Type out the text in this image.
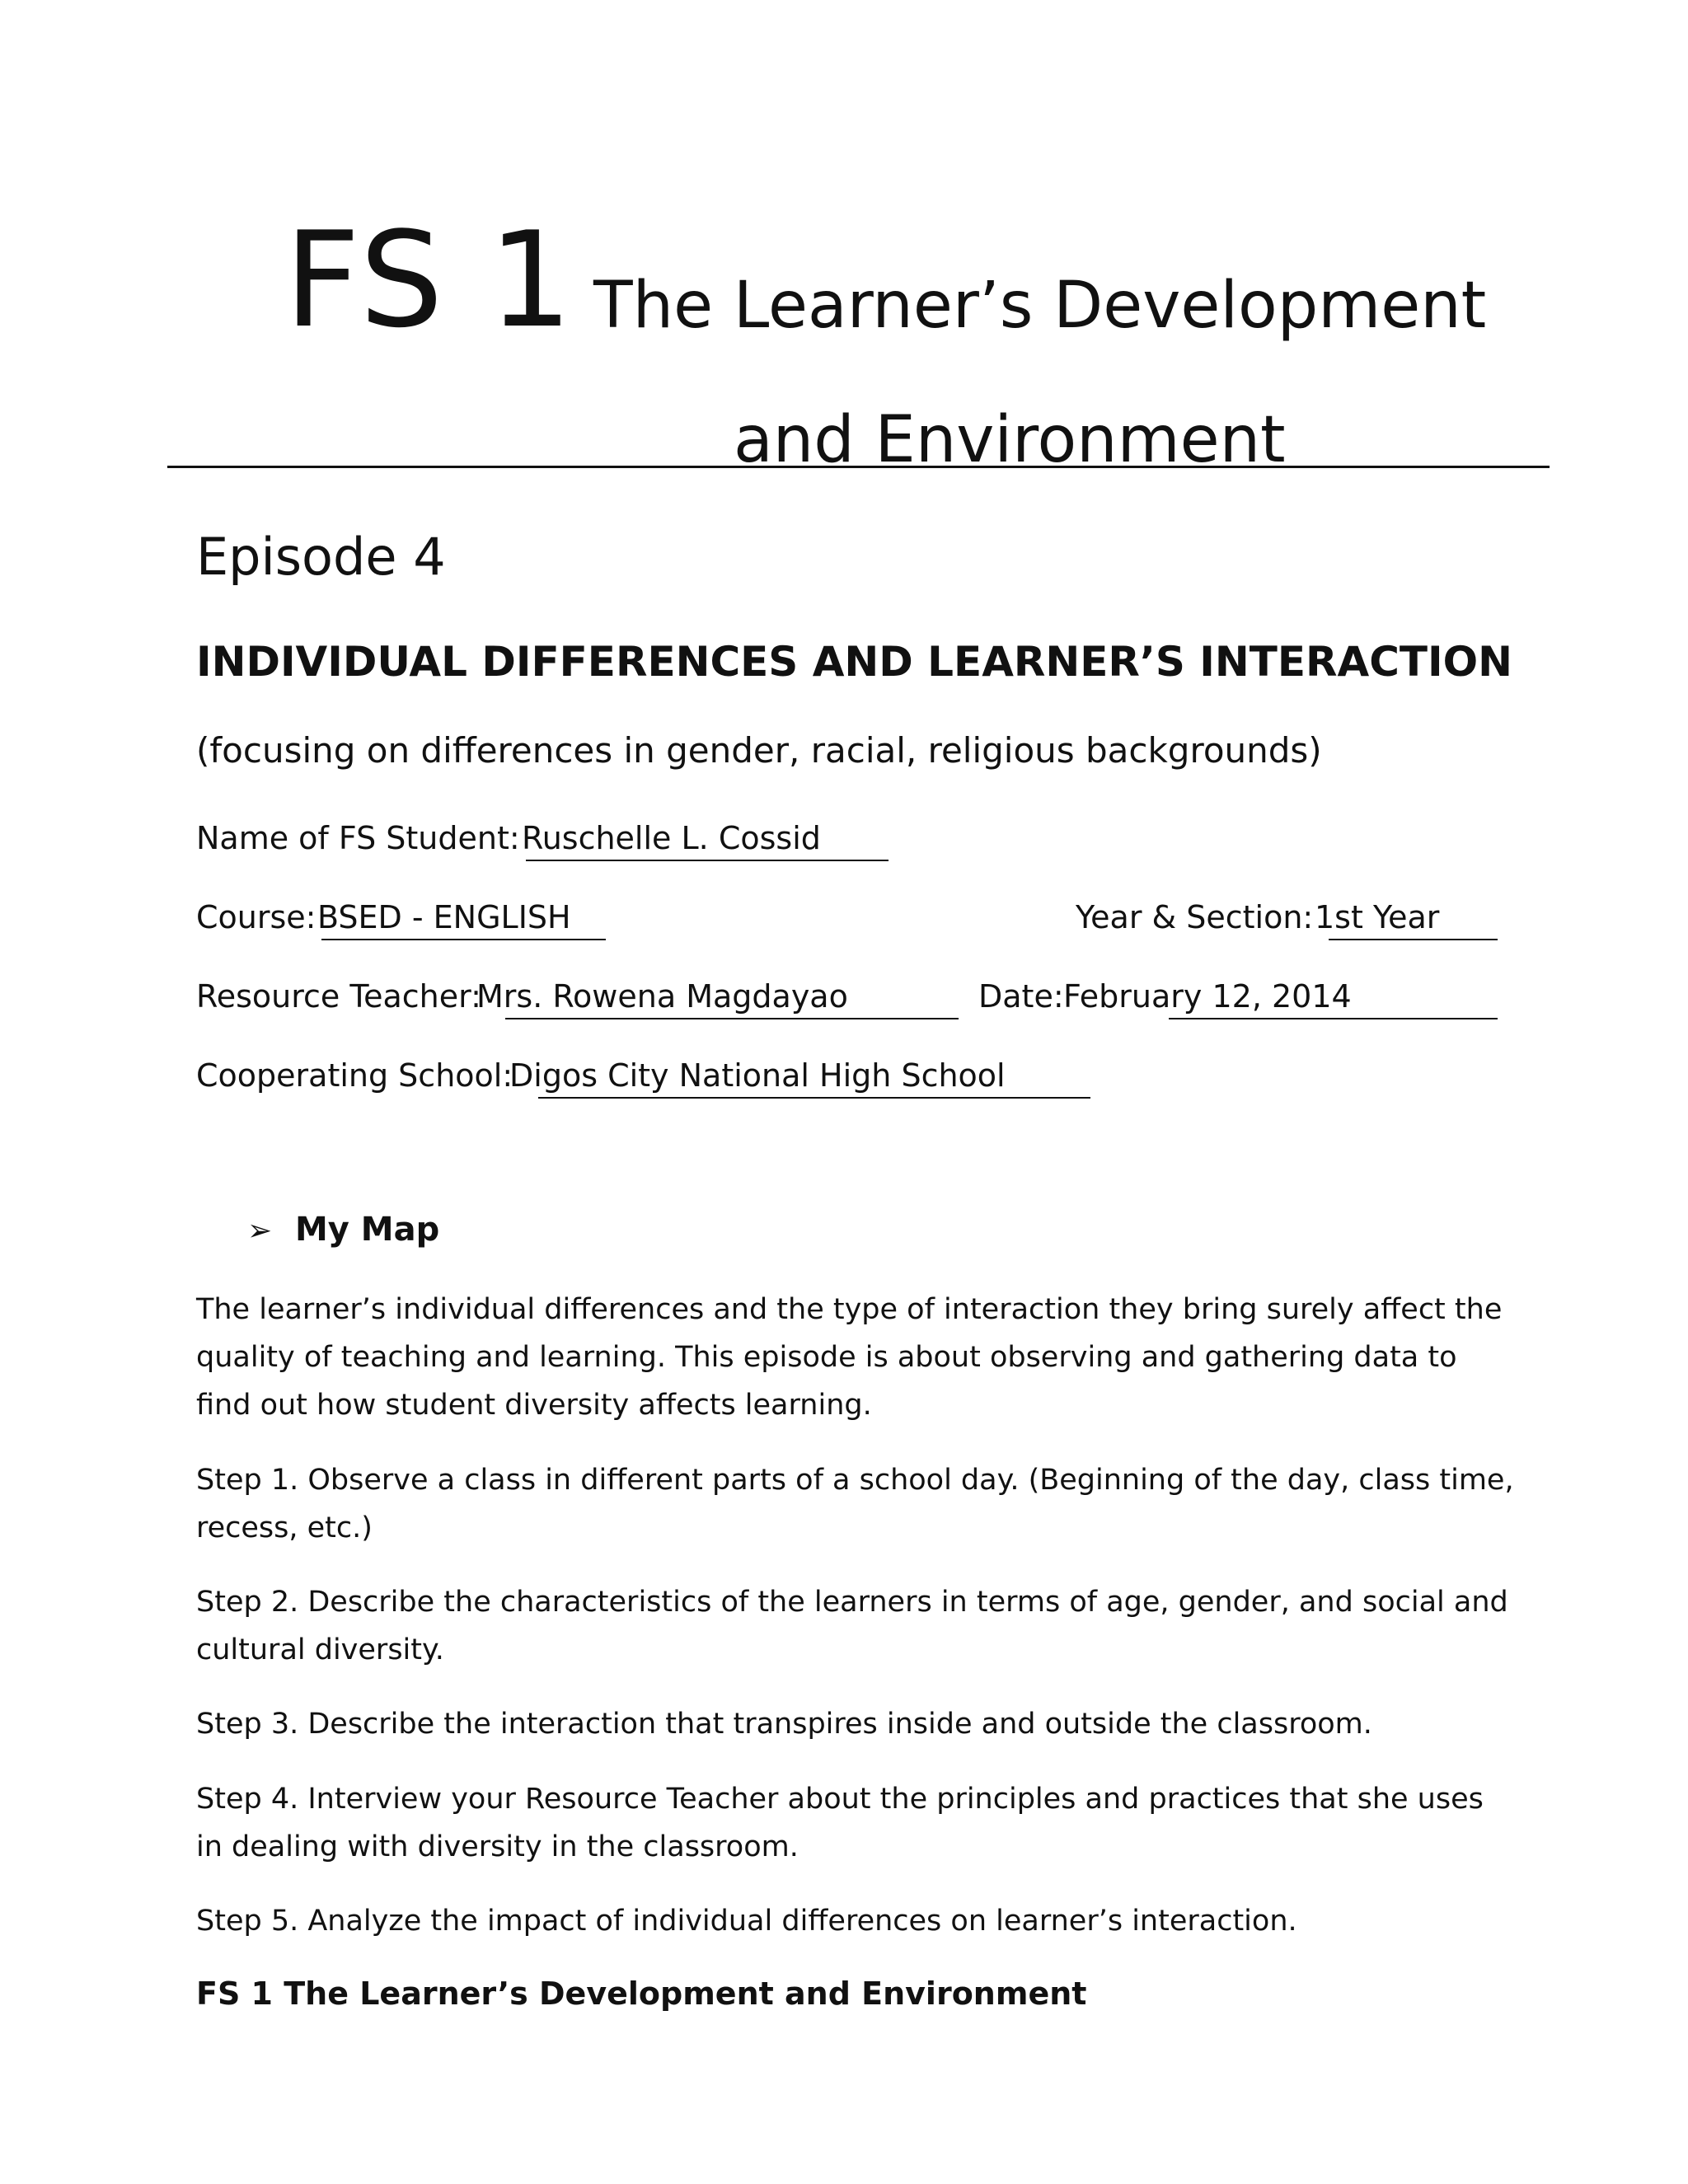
FS 1 The Learner’s Development
and Environment
Episode 4
INDIVIDUAL DIFFERENCES AND LEARNER’S INTERACTION
(focusing on differences in gender, racial, religious backgrounds)
Name of FS Student: Ruschelle L. Cossid
Course: BSED - ENGLISH	Year & Section: 1st Year
Resource Teacher:
Mrs. Rowena Magdayao	Date: February 12, 2014
Cooperating School:
Digos City National High School
➢ My Map
The learner’s individual differences and the type of interaction they bring surely affect the quality of teaching and learning. This episode is about observing and gathering data to find out how student diversity affects learning.
Step 1. Observe a class in different parts of a school day. (Beginning of the day, class time, recess, etc.)
Step 2. Describe the characteristics of the learners in terms of age, gender, and social and cultural diversity.
Step 3. Describe the interaction that transpires inside and outside the classroom.
Step 4. Interview your Resource Teacher about the principles and practices that she uses in dealing with diversity in the classroom.
Step 5. Analyze the impact of individual differences on learner’s interaction.
FS 1 The Learner’s Development and Environment
